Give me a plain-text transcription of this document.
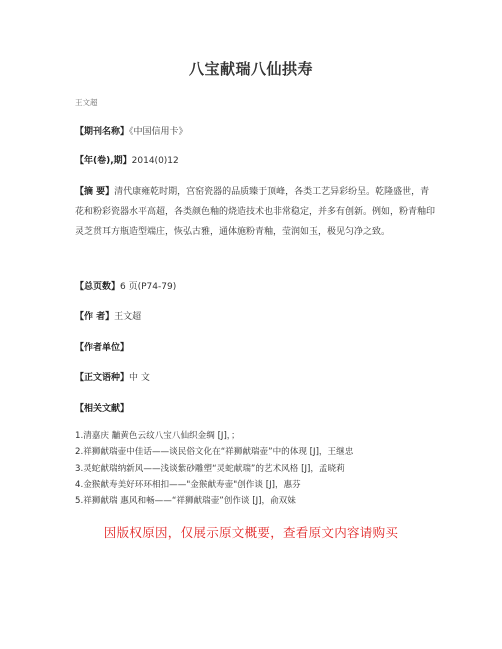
八宝献瑞八仙拱寿
王文超
【期刊名称】《中国信用卡》
【年(卷),期】2014(0)12
【摘 要】清代康雍乾时期，宫窑瓷器的品质臻于顶峰，各类工艺异彩纷呈。乾隆盛世，青花和粉彩瓷器水平高超，各类颜色釉的烧造技术也非常稳定，并多有创新。例如，粉青釉印灵芝贯耳方瓶造型端庄，恢弘古雅，通体施粉青釉，莹润如玉，极见匀净之致。
【总页数】6 页(P74-79)
【作 者】王文超
【作者单位】
【正文语种】中 文
【相关文献】
1.清嘉庆 黼黄色云纹八宝八仙织金绸 [J]，；
2.祥狮献瑞壶中佳话——谈民俗文化在“祥狮献瑞壶”中的体现 [J]，王继忠
3.灵蛇献瑞纳新风——浅谈紫砂雕塑“灵蛇献瑞”的艺术风格 [J]，孟晓莉
4.金猴献寿美好环环相扣——"金猴献寿壶"创作谈 [J]，惠芬
5.祥狮献瑞 惠风和畅——“祥狮献瑞壶”创作谈 [J]，俞双妹
因版权原因，仅展示原文概要，查看原文内容请购买
